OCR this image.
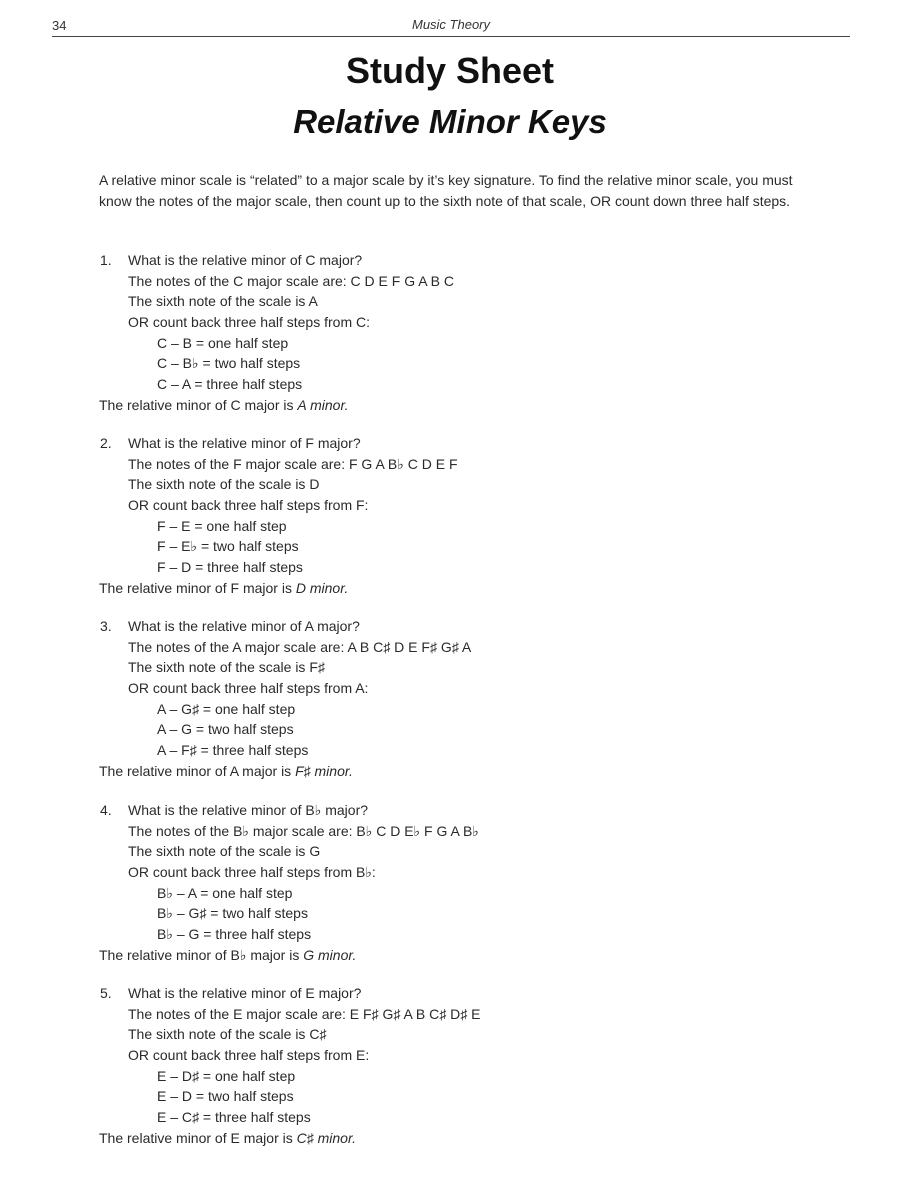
34	Music Theory
Study Sheet
Relative Minor Keys

A relative minor scale is “related” to a major scale by it’s key signature. To find the relative minor scale, you must know the notes of the major scale, then count up to the sixth note of that scale, OR count down three half steps.

1. What is the relative minor of C major?
The notes of the C major scale are: C D E F G A B C
The sixth note of the scale is A
OR count back three half steps from C:
C – B = one half step
C – B♭ = two half steps
C – A = three half steps
The relative minor of C major is A minor.
2. What is the relative minor of F major?
The notes of the F major scale are: F G A B♭ C D E F
The sixth note of the scale is D
OR count back three half steps from F:
F – E = one half step
F – E♭ = two half steps
F – D = three half steps
The relative minor of F major is D minor.
3. What is the relative minor of A major?
The notes of the A major scale are: A B C♯ D E F♯ G♯ A
The sixth note of the scale is F♯
OR count back three half steps from A:
A – G♯ = one half step
A – G = two half steps
A – F♯ = three half steps
The relative minor of A major is F♯ minor.
4. What is the relative minor of B♭ major?
The notes of the B♭ major scale are: B♭ C D E♭ F G A B♭
The sixth note of the scale is G
OR count back three half steps from B♭:
B♭ – A = one half step
B♭ – G♯ = two half steps
B♭ – G = three half steps
The relative minor of B♭ major is G minor.
5. What is the relative minor of E major?
The notes of the E major scale are: E F♯ G♯ A B C♯ D♯ E
The sixth note of the scale is C♯
OR count back three half steps from E:
E – D♯ = one half step
E – D = two half steps
E – C♯ = three half steps
The relative minor of E major is C♯ minor.
